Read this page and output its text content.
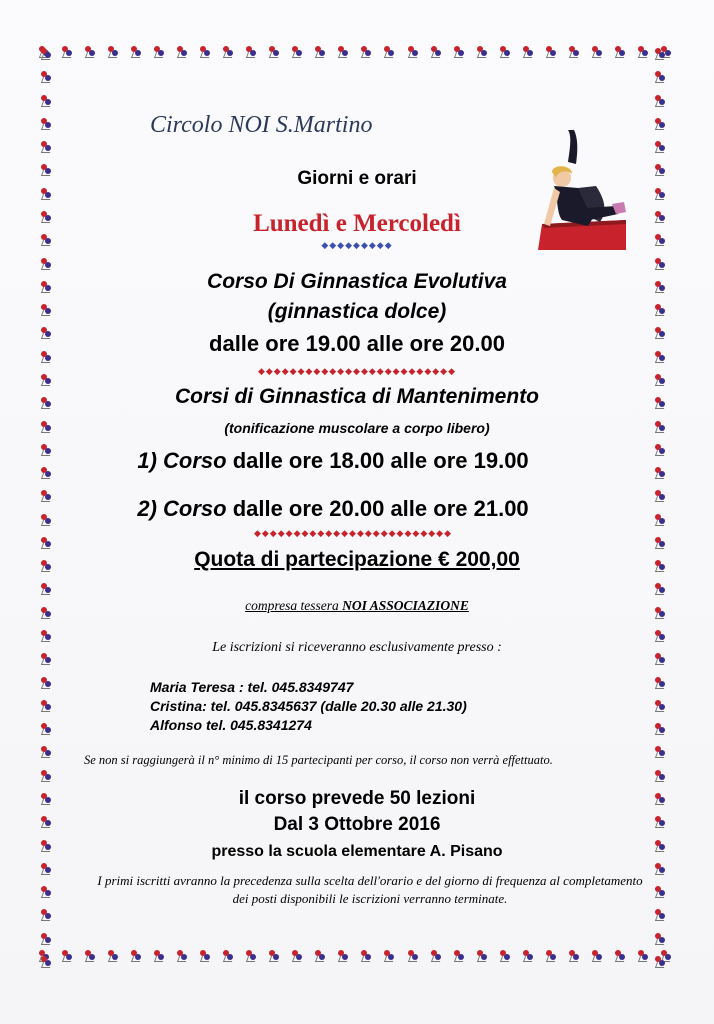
Circolo NOI S.Martino
Giorni e orari
Lunedì e Mercoledì
◆◆◆◆◆◆◆◆◆
Corso Di Ginnastica Evolutiva
(ginnastica dolce)
dalle ore 19.00 alle ore 20.00
◆◆◆◆◆◆◆◆◆◆◆◆◆◆◆◆◆◆◆◆◆◆◆◆◆
Corsi di Ginnastica di Mantenimento
(tonificazione muscolare a corpo libero)
1) Corso dalle ore 18.00 alle ore 19.00
2) Corso dalle ore 20.00 alle ore 21.00
◆◆◆◆◆◆◆◆◆◆◆◆◆◆◆◆◆◆◆◆◆◆◆◆◆
Quota di partecipazione € 200,00
compresa tessera NOI ASSOCIAZIONE
Le iscrizioni si riceveranno esclusivamente presso :
Maria Teresa : tel. 045.8349747
Cristina: tel. 045.8345637 (dalle 20.30 alle 21.30)
Alfonso tel. 045.8341274
Se non si raggiungerà il n° minimo di 15 partecipanti per corso, il corso non verrà effettuato.
il corso prevede 50 lezioni
Dal 3 Ottobre 2016
presso la scuola elementare A. Pisano
I primi iscritti avranno la precedenza sulla scelta dell'orario e del giorno di frequenza al completamento dei posti disponibili le iscrizioni verranno terminate.
